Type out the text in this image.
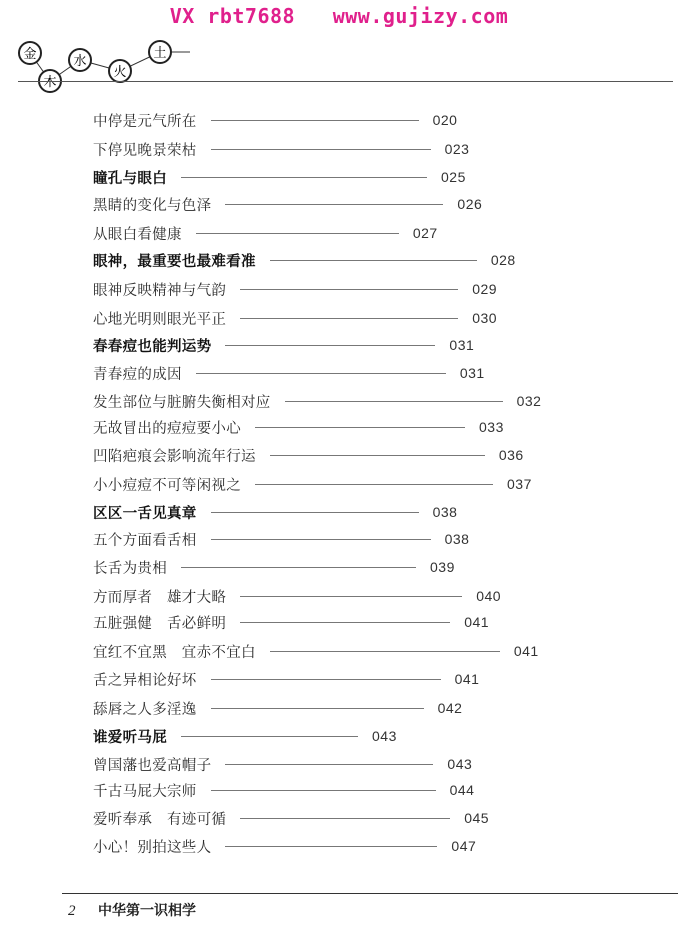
VX rbt7688   www.gujizy.com
金
木
水
火
土
中停是元气所在	020
下停见晚景荣枯	023
瞳孔与眼白	025
黑睛的变化与色泽	026
从眼白看健康	027
眼神，最重要也最难看准	028
眼神反映精神与气韵	029
心地光明则眼光平正	030
春春痘也能判运势	031
青春痘的成因	031
发生部位与脏腑失衡相对应	032
无故冒出的痘痘要小心	033
凹陷疤痕会影响流年行运	036
小小痘痘不可等闲视之	037
区区一舌见真章	038
五个方面看舌相	038
长舌为贵相	039
方而厚者　雄才大略	040
五脏强健　舌必鲜明	041
宜红不宜黑　宜赤不宜白	041
舌之异相论好坏	041
舔唇之人多淫逸	042
谁爱听马屁	043
曾国藩也爱高帽子	043
千古马屁大宗师	044
爱听奉承　有迹可循	045
小心！别拍这些人	047
2 中华第一识相学
